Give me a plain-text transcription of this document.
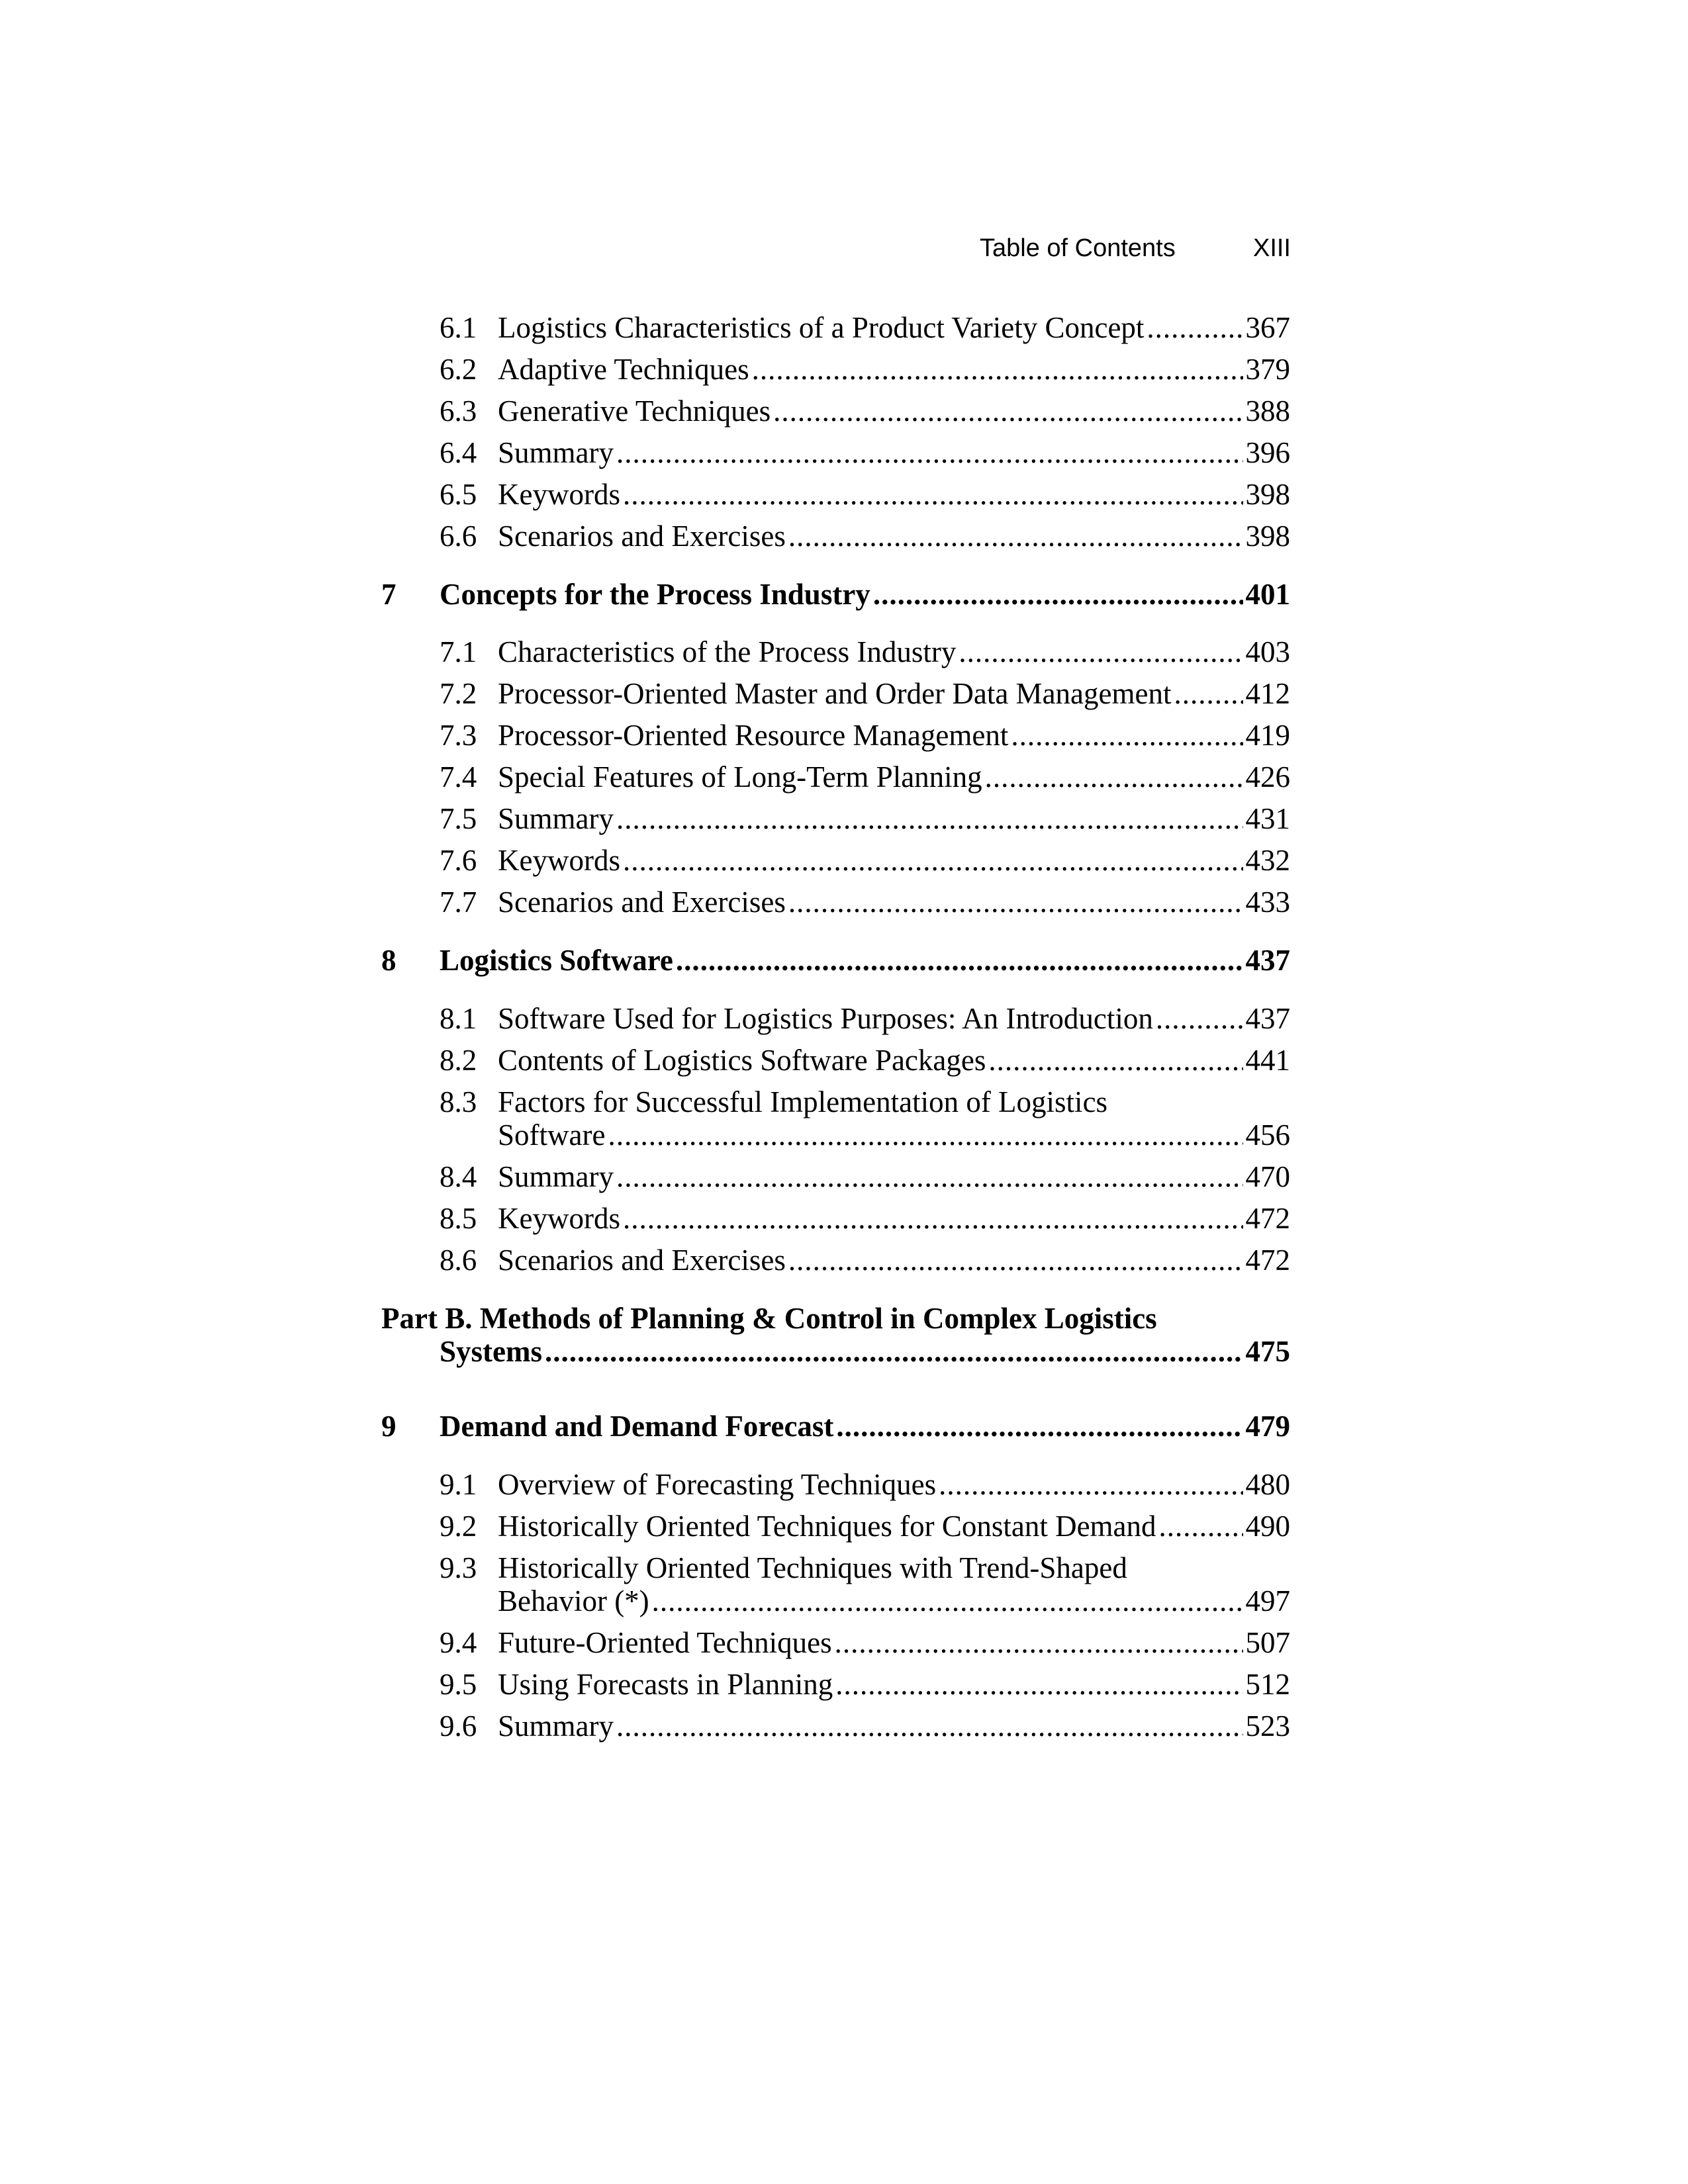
Table of Contents	XIII
6.1 Logistics Characteristics of a Product Variety Concept .....	367
6.2 Adaptive Techniques .....	379
6.3 Generative Techniques .....	388
6.4 Summary .....	396
6.5 Keywords .....	398
6.6 Scenarios and Exercises .....	398
7 Concepts for the Process Industry .....	401
7.1 Characteristics of the Process Industry .....	403
7.2 Processor-Oriented Master and Order Data Management ..... 412
7.3 Processor-Oriented Resource Management .....	419
7.4 Special Features of Long-Term Planning .....	426
7.5 Summary .....	431
7.6 Keywords .....	432
7.7 Scenarios and Exercises .....	433
8 Logistics Software .....	437
8.1 Software Used for Logistics Purposes: An Introduction .....	437
8.2 Contents of Logistics Software Packages .....	441
8.3 Factors for Successful Implementation of Logistics
Software .....	456
8.4 Summary .....	470
8.5 Keywords .....	472
8.6 Scenarios and Exercises .....	472
Part B. Methods of Planning & Control in Complex Logistics
Systems .....	475
9 Demand and Demand Forecast .....	479
9.1 Overview of Forecasting Techniques .....	480
9.2 Historically Oriented Techniques for Constant Demand .....	490
9.3 Historically Oriented Techniques with Trend-Shaped
Behavior (*) .....	497
9.4 Future-Oriented Techniques .....	507
9.5 Using Forecasts in Planning .....	512
9.6 Summary .....	523
